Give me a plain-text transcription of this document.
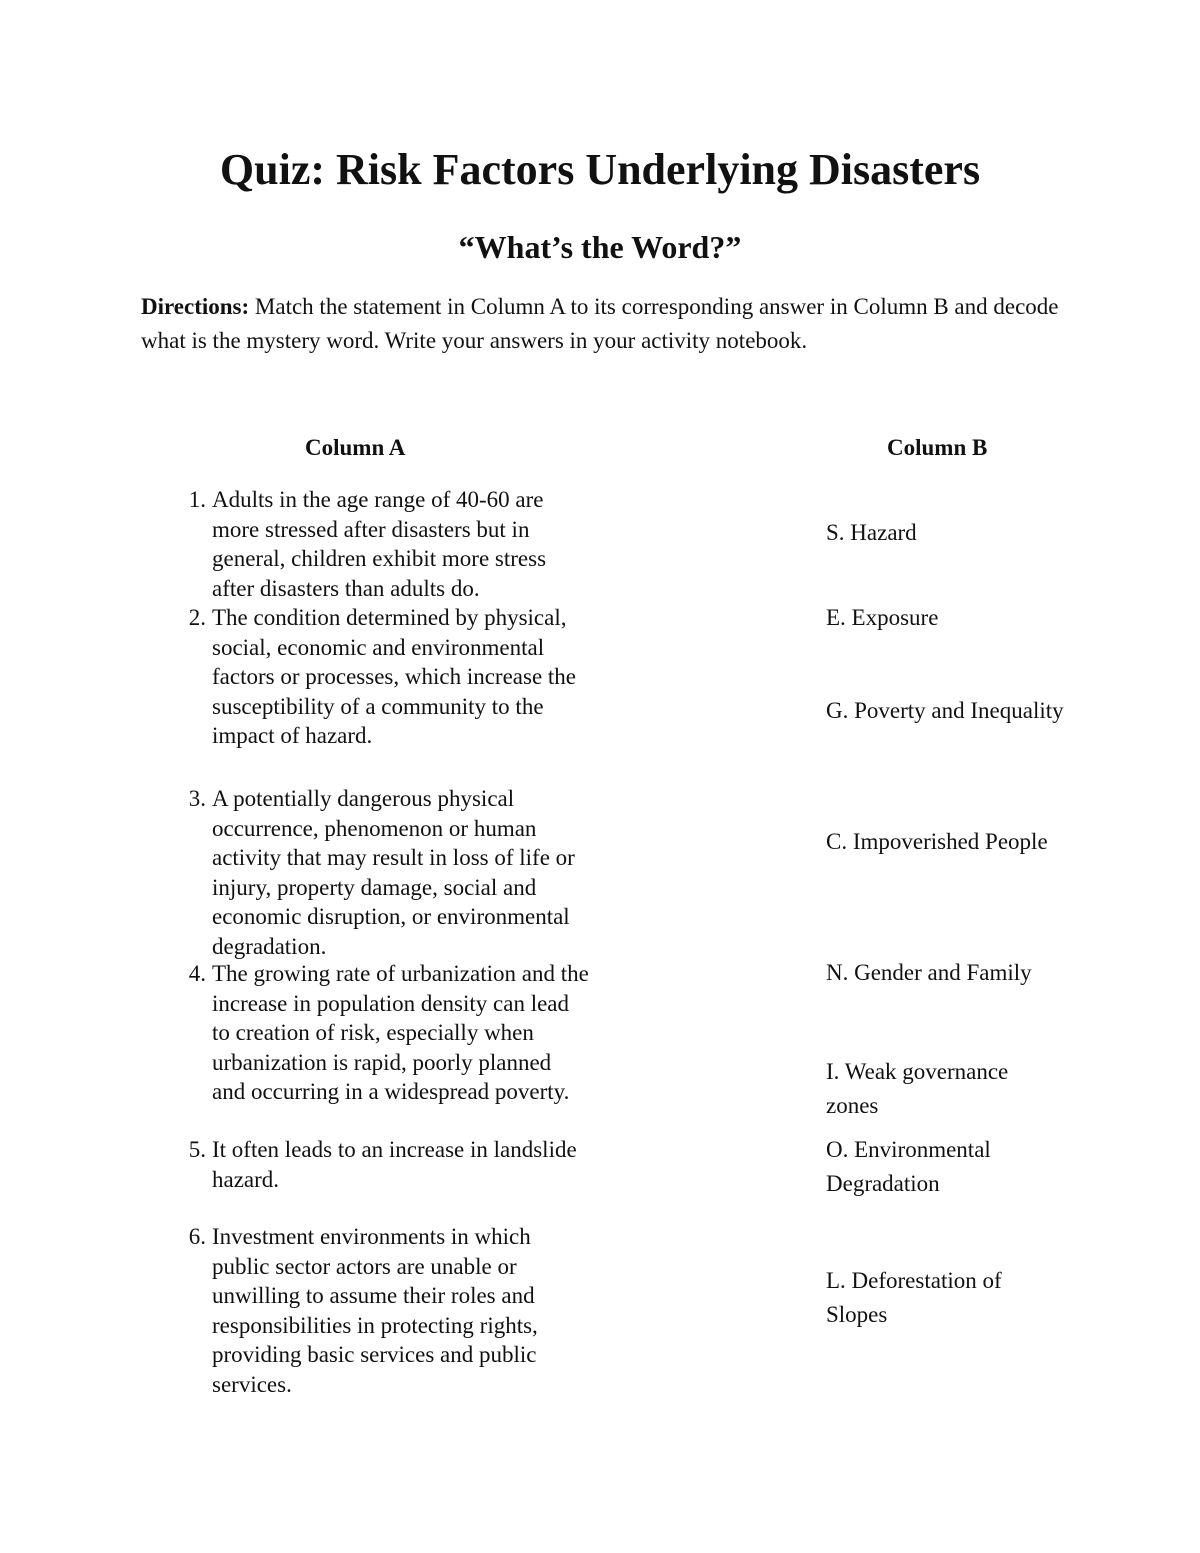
Quiz: Risk Factors Underlying Disasters
“What’s the Word?”

Directions: Match the statement in Column A to its corresponding answer in Column B and decode what is the mystery word. Write your answers in your activity notebook.

Column A	Column B
1. Adults in the age range of 40-60 are more stressed after disasters but in general, children exhibit more stress after disasters than adults do.
2. The condition determined by physical, social, economic and environmental factors or processes, which increase the susceptibility of a community to the impact of hazard.
3. A potentially dangerous physical occurrence, phenomenon or human activity that may result in loss of life or injury, property damage, social and economic disruption, or environmental degradation.
4. The growing rate of urbanization and the increase in population density can lead to creation of risk, especially when urbanization is rapid, poorly planned and occurring in a widespread poverty.
5. It often leads to an increase in landslide hazard.
6. Investment environments in which public sector actors are unable or unwilling to assume their roles and responsibilities in protecting rights, providing basic services and public services.
S. Hazard
E. Exposure
G. Poverty and Inequality
C. Impoverished People
N. Gender and Family
I. Weak governance zones
O. Environmental Degradation
L. Deforestation of Slopes
